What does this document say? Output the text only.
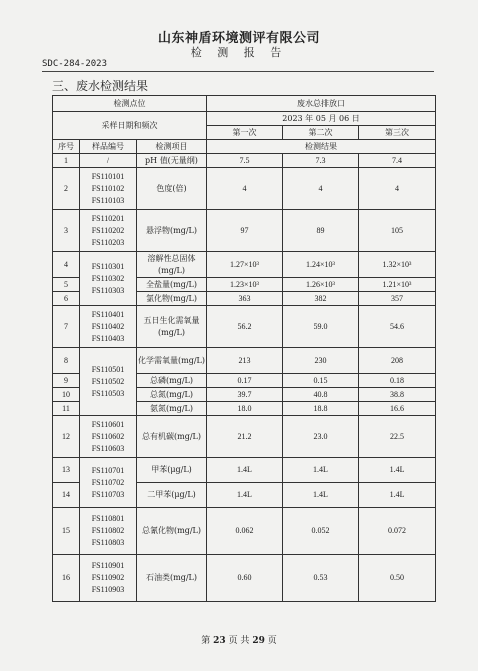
山东神盾环境测评有限公司
检 测 报 告
SDC-284-2023
三、废水检测结果
检测点位			废水总排放口		
采样日期和频次			2023 年 05 月 06 日		
			第一次	第二次	第三次
序号	样品编号	检测项目	检测结果		
1	/	pH 值(无量纲)	7.5	7.3	7.4
2	FS110101
FS110102
FS110103	色度(倍)	4	4	4
3	FS110201
FS110202
FS110203	悬浮物(mg/L)	97	89	105
4	FS110301
FS110302
FS110303	溶解性总固体(mg/L)	1.27×10³	1.24×10³	1.32×10³
5		全盐量(mg/L)	1.23×10³	1.26×10³	1.21×10³
6		氯化物(mg/L)	363	382	357
7	FS110401
FS110402
FS110403	五日生化需氧量(mg/L)	56.2	59.0	54.6
8	FS110501
FS110502
FS110503	化学需氧量(mg/L)	213	230	208
9		总磷(mg/L)	0.17	0.15	0.18
10		总氮(mg/L)	39.7	40.8	38.8
11		氨氮(mg/L)	18.0	18.8	16.6
12	FS110601
FS110602
FS110603	总有机碳(mg/L)	21.2	23.0	22.5
13	FS110701
FS110702
FS110703	甲苯(μg/L)	1.4L	1.4L	1.4L
14		二甲苯(μg/L)	1.4L	1.4L	1.4L
15	FS110801
FS110802
FS110803	总氰化物(mg/L)	0.062	0.052	0.072
16	FS110901
FS110902
FS110903	石油类(mg/L)	0.60	0.53	0.50
第 23 页 共 29 页
